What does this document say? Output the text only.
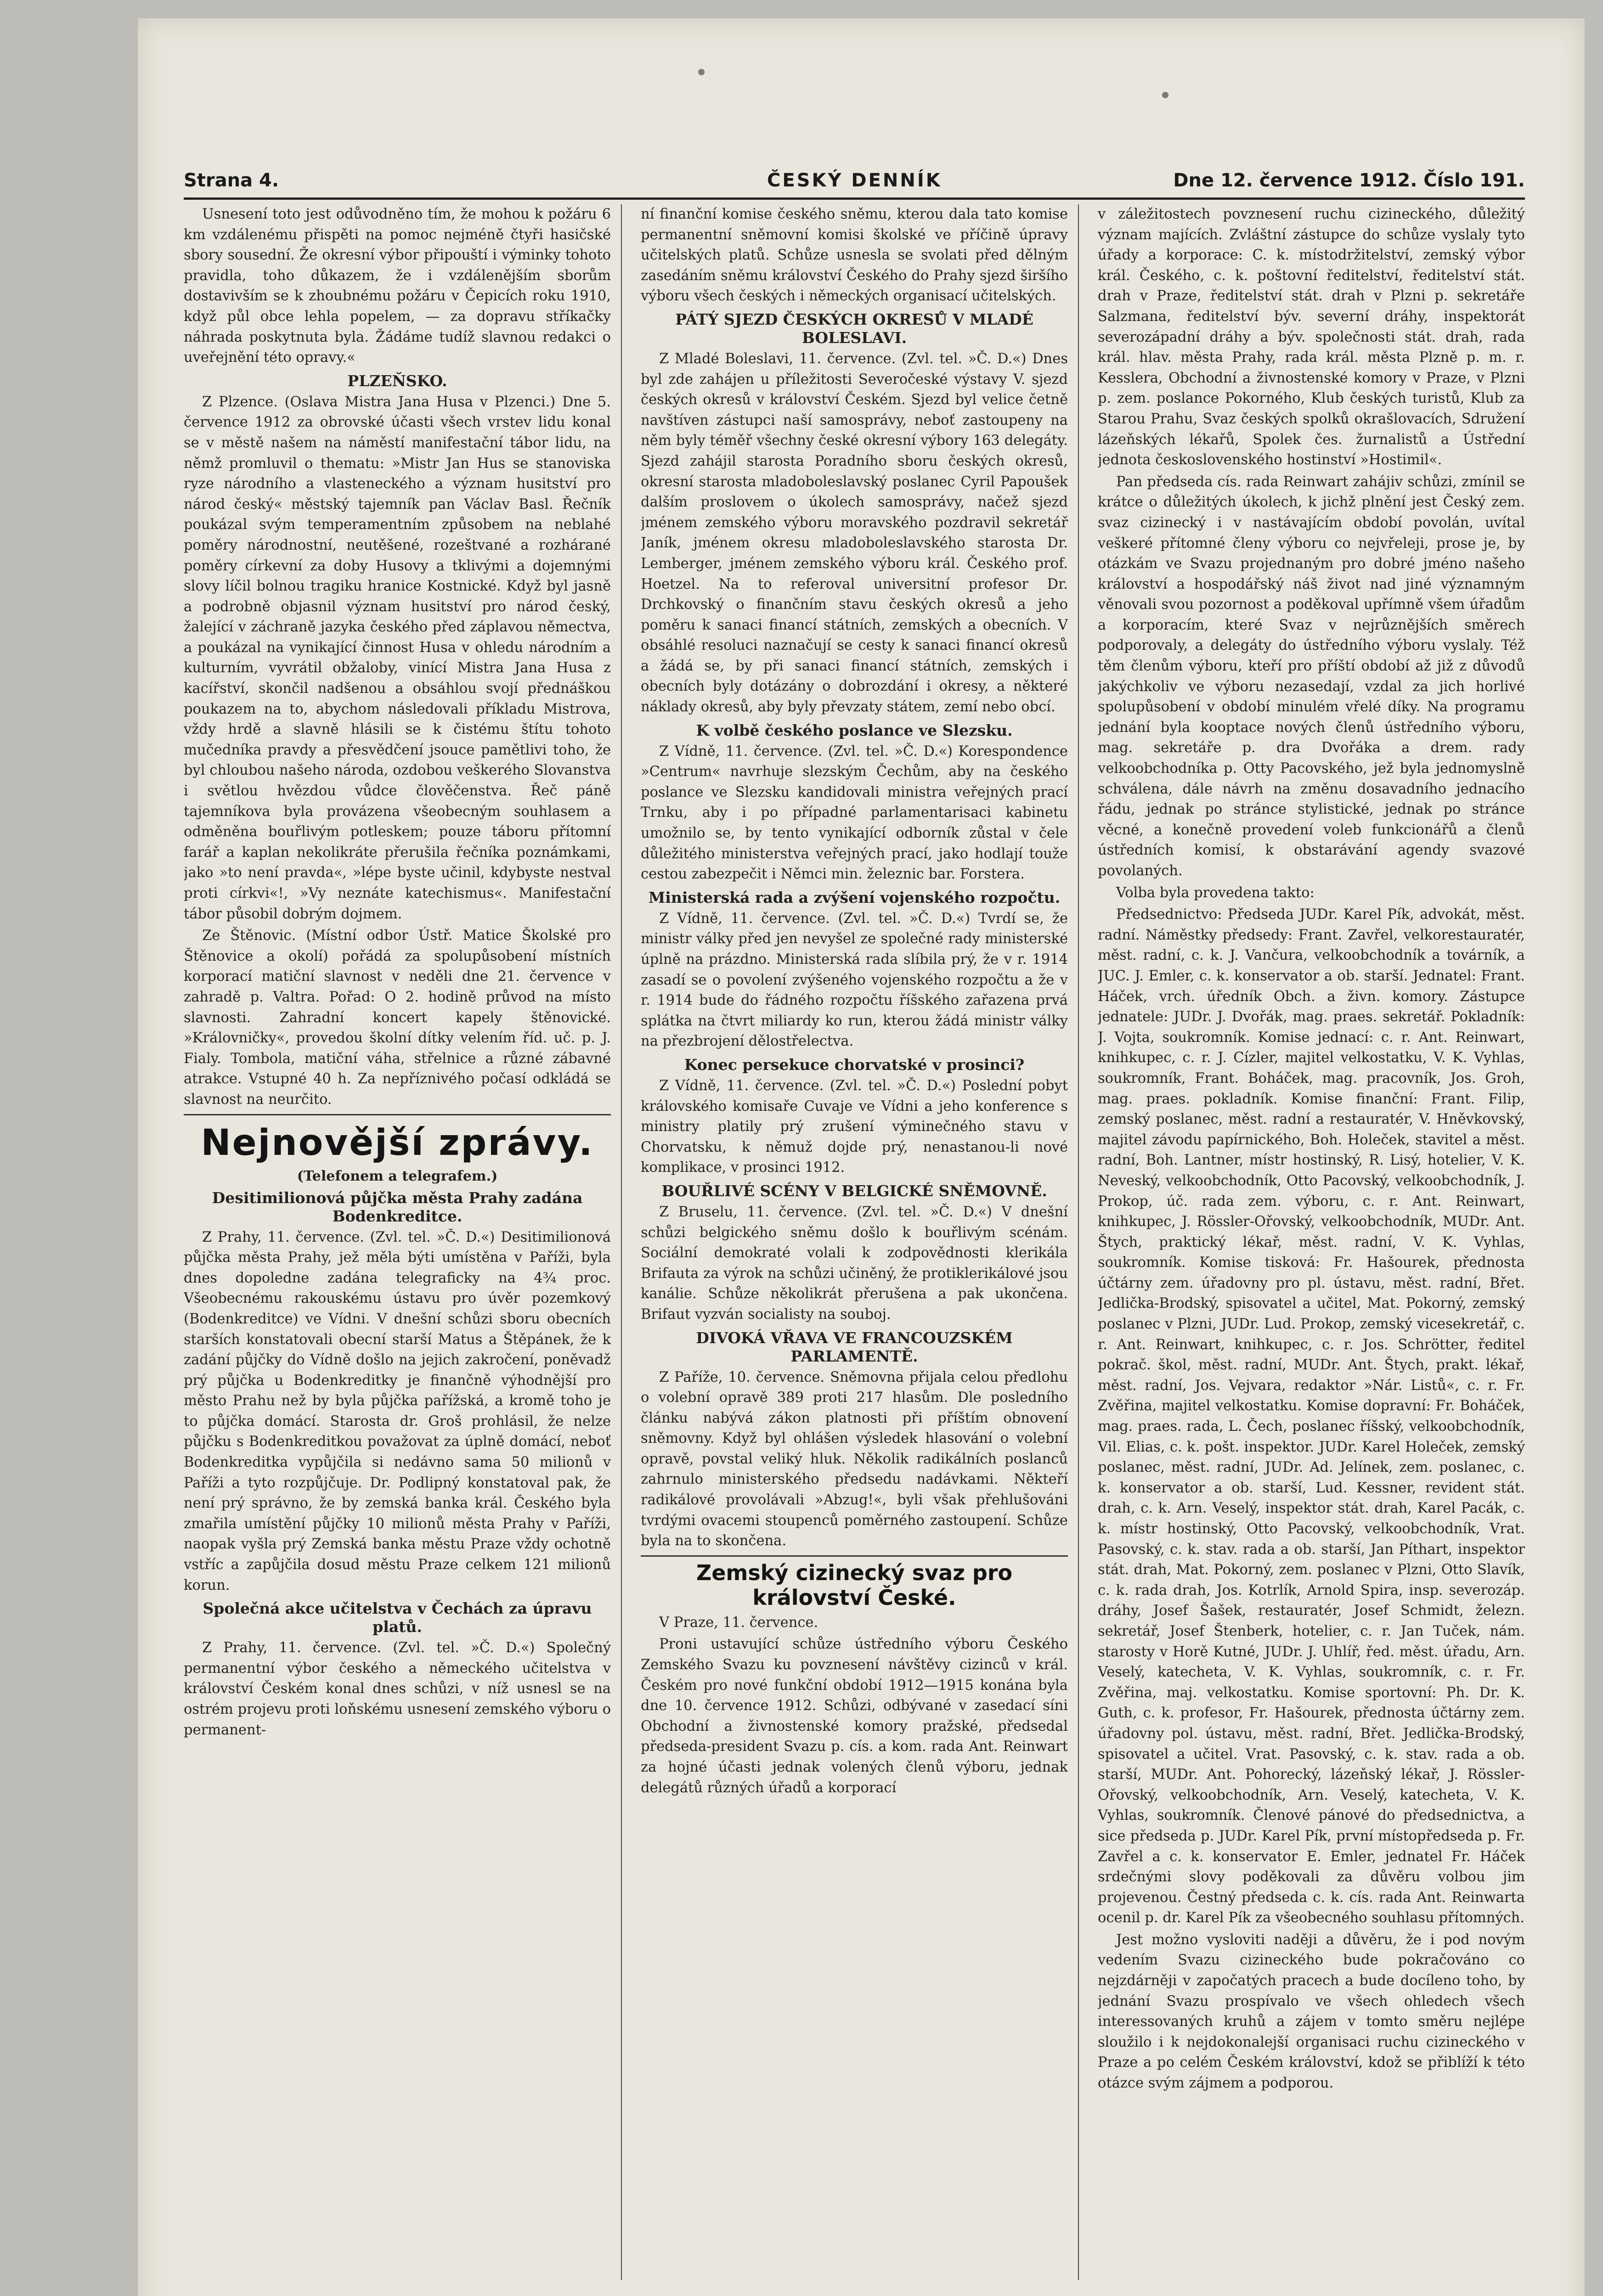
Strana 4.	ČESKÝ DENNÍK	Dne 12. července 1912. Číslo 191.

Usnesení toto jest odůvodněno tím, že mohou k požáru 6 km vzdálenému přispěti na pomoc nejméně čtyři hasičské sbory sousední. Že okresní výbor připouští i výminky tohoto pravidla, toho důkazem, že i vzdálenějším sborům dostavivším se k zhoubnému požáru v Čepicích roku 1910, když půl obce lehla popelem, — za dopravu stříkačky náhrada poskytnuta byla. Žádáme tudíž slavnou redakci o uveřejnění této opravy.«

PLZEŇSKO.

Z Plzence. (Oslava Mistra Jana Husa v Plzenci.) Dne 5. července 1912 za obrovské účasti všech vrstev lidu konal se v městě našem na náměstí manifestační tábor lidu, na němž promluvil o thematu: »Mistr Jan Hus se stanoviska ryze národního a vlasteneckého a význam husitství pro národ český« městský tajemník pan Václav Basl. Řečník poukázal svým temperamentním způsobem na neblahé poměry národnostní, neutěšené, rozeštvané a rozhárané poměry církevní za doby Husovy a tklivými a dojemnými slovy líčil bolnou tragiku hranice Kostnické. Když byl jasně a podrobně objasnil význam husitství pro národ český, žalející v záchraně jazyka českého před záplavou němectva, a poukázal na vynikající činnost Husa v ohledu národním a kulturním, vyvrátil obžaloby, vinící Mistra Jana Husa z kacířství, skončil nadšenou a obsáhlou svojí přednáškou poukazem na to, abychom následovali příkladu Mistrova, vždy hrdě a slavně hlásili se k čistému štítu tohoto mučedníka pravdy a přesvědčení jsouce pamětlivi toho, že byl chloubou našeho národa, ozdobou veškerého Slovanstva i světlou hvězdou vůdce člověčenstva. Řeč páně tajemníkova byla provázena všeobecným souhlasem a odměněna bouřlivým potleskem; pouze táboru přítomní farář a kaplan nekolikráte přerušila řečníka poznámkami, jako »to není pravda«, »lépe byste učinil, kdybyste nestval proti církvi«!, »Vy neznáte katechismus«. Manifestační tábor působil dobrým dojmem.

Ze Štěnovic. (Místní odbor Ústř. Matice Školské pro Štěnovice a okolí) pořádá za spolupůsobení místních korporací matiční slavnost v neděli dne 21. července v zahradě p. Valtra. Pořad: O 2. hodině průvod na místo slavnosti. Zahradní koncert kapely štěnovické. »Královničky«, provedou školní dítky velením říd. uč. p. J. Fialy. Tombola, matiční váha, střelnice a různé zábavné atrakce. Vstupné 40 h. Za nepříznivého počasí odkládá se slavnost na neurčito.

Nejnovější zprávy.
(Telefonem a telegrafem.)
Desitimilionová půjčka města Prahy zadána Bodenkreditce.

Z Prahy, 11. července. (Zvl. tel. »Č. D.«) Desitimilionová půjčka města Prahy, jež měla býti umístěna v Paříži, byla dnes dopoledne zadána telegraficky na 4¾ proc. Všeobecnému rakouskému ústavu pro úvěr pozemkový (Bodenkreditce) ve Vídni. V dnešní schůzi sboru obecních starších konstatovali obecní starší Matus a Štěpánek, že k zadání půjčky do Vídně došlo na jejich zakročení, poněvadž prý půjčka u Bodenkreditky je finančně výhodnější pro město Prahu než by byla půjčka pařížská, a kromě toho je to půjčka domácí. Starosta dr. Groš prohlásil, že nelze půjčku s Bodenkreditkou považovat za úplně domácí, neboť Bodenkreditka vypůjčila si nedávno sama 50 milionů v Paříži a tyto rozpůjčuje. Dr. Podlipný konstatoval pak, že není prý správno, že by zemská banka král. Českého byla zmařila umístění půjčky 10 milionů města Prahy v Paříži, naopak vyšla prý Zemská banka městu Praze vždy ochotně vstříc a zapůjčila dosud městu Praze celkem 121 milionů korun.

Společná akce učitelstva v Čechách za úpravu platů.

Z Prahy, 11. července. (Zvl. tel. »Č. D.«) Společný permanentní výbor českého a německého učitelstva v království Českém konal dnes schůzi, v níž usnesl se na ostrém projevu proti loňskému usnesení zemského výboru o permanent-

ní finanční komise českého sněmu, kterou dala tato komise permanentní sněmovní komisi školské ve příčině úpravy učitelských platů. Schůze usnesla se svolati před dělným zasedáním sněmu království Českého do Prahy sjezd širšího výboru všech českých i německých organisací učitelských.

PÁTÝ SJEZD ČESKÝCH OKRESŮ V MLADÉ BOLESLAVI.

Z Mladé Boleslavi, 11. července. (Zvl. tel. »Č. D.«) Dnes byl zde zahájen u příležitosti Severočeské výstavy V. sjezd českých okresů v království Českém. Sjezd byl velice četně navštíven zástupci naší samosprávy, neboť zastoupeny na něm byly téměř všechny české okresní výbory 163 delegáty. Sjezd zahájil starosta Poradního sboru českých okresů, okresní starosta mladoboleslavský poslanec Cyril Papoušek dalším proslovem o úkolech samosprávy, načež sjezd jménem zemského výboru moravského pozdravil sekretář Janík, jménem okresu mladoboleslavského starosta Dr. Lemberger, jménem zemského výboru král. Českého prof. Hoetzel. Na to referoval universitní profesor Dr. Drchkovský o finančním stavu českých okresů a jeho poměru k sanaci financí státních, zemských a obecních. V obsáhlé resoluci naznačují se cesty k sanaci financí okresů a žádá se, by při sanaci financí státních, zemských i obecních byly dotázány o dobrozdání i okresy, a některé náklady okresů, aby byly převzaty státem, zemí nebo obcí.

K volbě českého poslance ve Slezsku.

Z Vídně, 11. července. (Zvl. tel. »Č. D.«) Korespondence »Centrum« navrhuje slezským Čechům, aby na českého poslance ve Slezsku kandidovali ministra veřejných prací Trnku, aby i po případné parlamentarisaci kabinetu umožnilo se, by tento vynikající odborník zůstal v čele důležitého ministerstva veřejných prací, jako hodlají touže cestou zabezpečit i Němci min. železnic bar. Forstera.

Ministerská rada a zvýšení vojenského rozpočtu.

Z Vídně, 11. července. (Zvl. tel. »Č. D.«) Tvrdí se, že ministr války před jen nevyšel ze společné rady ministerské úplně na prázdno. Ministerská rada slíbila prý, že v r. 1914 zasadí se o povolení zvýšeného vojenského rozpočtu a že v r. 1914 bude do řádného rozpočtu říšského zařazena prvá splátka na čtvrt miliardy ko run, kterou žádá ministr války na přezbrojení dělostřelectva.

Konec persekuce chorvatské v prosinci?

Z Vídně, 11. července. (Zvl. tel. »Č. D.«) Poslední pobyt královského komisaře Cuvaje ve Vídni a jeho konference s ministry platily prý zrušení výminečného stavu v Chorvatsku, k němuž dojde prý, nenastanou-li nové komplikace, v prosinci 1912.

BOUŘLIVÉ SCÉNY V BELGICKÉ SNĚMOVNĚ.

Z Bruselu, 11. července. (Zvl. tel. »Č. D.«) V dnešní schůzi belgického sněmu došlo k bouřlivým scénám. Sociální demokraté volali k zodpovědnosti klerikála Brifauta za výrok na schůzi učiněný, že protiklerikálové jsou kanálie. Schůze několikrát přerušena a pak ukončena. Brifaut vyzván socialisty na souboj.

DIVOKÁ VŘAVA VE FRANCOUZSKÉM PARLAMENTĚ.

Z Paříže, 10. července. Sněmovna přijala celou předlohu o volební opravě 389 proti 217 hlasům. Dle posledního článku nabývá zákon platnosti při příštím obnovení sněmovny. Když byl ohlášen výsledek hlasování o volební opravě, povstal veliký hluk. Několik radikálních poslanců zahrnulo ministerského předsedu nadávkami. Někteří radikálové provolávali »Abzug!«, byli však přehlušováni tvrdými ovacemi stoupenců poměrného zastoupení. Schůze byla na to skončena.

Zemský cizinecký svaz pro království České.

V Praze, 11. července.

Proni ustavující schůze ústředního výboru Českého Zemského Svazu ku povznesení návštěvy cizinců v král. Českém pro nové funkční období 1912—1915 konána byla dne 10. července 1912. Schůzi, odbývané v zasedací síni Obchodní a živnostenské komory pražské, předsedal předseda-president Svazu p. cís. a kom. rada Ant. Reinwart za hojné účasti jednak volených členů výboru, jednak delegátů různých úřadů a korporací

v záležitostech povznesení ruchu cizineckého, důležitý význam majících. Zvláštní zástupce do schůze vyslaly tyto úřady a korporace: C. k. místodržitelství, zemský výbor král. Českého, c. k. poštovní ředitelství, ředitelství stát. drah v Praze, ředitelství stát. drah v Plzni p. sekretáře Salzmana, ředitelství býv. severní dráhy, inspektorát severozápadní dráhy a býv. společnosti stát. drah, rada král. hlav. města Prahy, rada král. města Plzně p. m. r. Kesslera, Obchodní a živnostenské komory v Praze, v Plzni p. zem. poslance Pokorného, Klub českých turistů, Klub za Starou Prahu, Svaz českých spolků okrašlovacích, Sdružení lázeňských lékařů, Spolek čes. žurnalistů a Ústřední jednota československého hostinství »Hostimil«.

Pan předseda cís. rada Reinwart zahájiv schůzi, zmínil se krátce o důležitých úkolech, k jichž plnění jest Český zem. svaz cizinecký i v nastávajícím období povolán, uvítal veškeré přítomné členy výboru co nejvřeleji, prose je, by otázkám ve Svazu projednaným pro dobré jméno našeho království a hospodářský náš život nad jiné významným věnovali svou pozornost a poděkoval upřímně všem úřadům a korporacím, které Svaz v nejrůznějších směrech podporovaly, a delegáty do ústředního výboru vyslaly. Též těm členům výboru, kteří pro příští období až již z důvodů jakýchkoliv ve výboru nezasedají, vzdal za jich horlivé spolupůsobení v období minulém vřelé díky. Na programu jednání byla kooptace nových členů ústředního výboru, mag. sekretáře p. dra Dvořáka a drem. rady velkoobchodníka p. Otty Pacovského, jež byla jednomyslně schválena, dále návrh na změnu dosavadního jednacího řádu, jednak po stránce stylistické, jednak po stránce věcné, a konečně provedení voleb funkcionářů a členů ústředních komisí, k obstarávání agendy svazové povolaných.

Volba byla provedena takto:

Předsednictvo: Předseda JUDr. Karel Pík, advokát, měst. radní. Náměstky předsedy: Frant. Zavřel, velkorestauratér, měst. radní, c. k. J. Vančura, velkoobchodník a továrník, a JUC. J. Emler, c. k. konservator a ob. starší. Jednatel: Frant. Háček, vrch. úředník Obch. a živn. komory. Zástupce jednatele: JUDr. J. Dvořák, mag. praes. sekretář. Pokladník: J. Vojta, soukromník. Komise jednací: c. r. Ant. Reinwart, knihkupec, c. r. J. Cízler, majitel velkostatku, V. K. Vyhlas, soukromník, Frant. Boháček, mag. pracovník, Jos. Groh, mag. praes. pokladník. Komise finanční: Frant. Filip, zemský poslanec, měst. radní a restauratér, V. Hněvkovský, majitel závodu papírnického, Boh. Holeček, stavitel a měst. radní, Boh. Lantner, místr hostinský, R. Lisý, hotelier, V. K. Neveský, velkoobchodník, Otto Pacovský, velkoobchodník, J. Prokop, úč. rada zem. výboru, c. r. Ant. Reinwart, knihkupec, J. Rössler-Ořovský, velkoobchodník, MUDr. Ant. Štych, praktický lékař, měst. radní, V. K. Vyhlas, soukromník. Komise tisková: Fr. Hašourek, přednosta účtárny zem. úřadovny pro pl. ústavu, měst. radní, Břet. Jedlička-Brodský, spisovatel a učitel, Mat. Pokorný, zemský poslanec v Plzni, JUDr. Lud. Prokop, zemský vicesekretář, c. r. Ant. Reinwart, knihkupec, c. r. Jos. Schrötter, ředitel pokrač. škol, měst. radní, MUDr. Ant. Štych, prakt. lékař, měst. radní, Jos. Vejvara, redaktor »Nár. Listů«, c. r. Fr. Zvěřina, majitel velkostatku. Komise dopravní: Fr. Boháček, mag. praes. rada, L. Čech, poslanec říšský, velkoobchodník, Vil. Elias, c. k. pošt. inspektor. JUDr. Karel Holeček, zemský poslanec, měst. radní, JUDr. Ad. Jelínek, zem. poslanec, c. k. konservator a ob. starší, Lud. Kessner, revident stát. drah, c. k. Arn. Veselý, inspektor stát. drah, Karel Pacák, c. k. místr hostinský, Otto Pacovský, velkoobchodník, Vrat. Pasovský, c. k. stav. rada a ob. starší, Jan Píthart, inspektor stát. drah, Mat. Pokorný, zem. poslanec v Plzni, Otto Slavík, c. k. rada drah, Jos. Kotrlík, Arnold Spira, insp. severozáp. dráhy, Josef Šašek, restauratér, Josef Schmidt, železn. sekretář, Josef Štenberk, hotelier, c. r. Jan Tuček, nám. starosty v Horě Kutné, JUDr. J. Uhlíř, řed. měst. úřadu, Arn. Veselý, katecheta, V. K. Vyhlas, soukromník, c. r. Fr. Zvěřina, maj. velkostatku. Komise sportovní: Ph. Dr. K. Guth, c. k. profesor, Fr. Hašourek, přednosta účtárny zem. úřadovny pol. ústavu, měst. radní, Břet. Jedlička-Brodský, spisovatel a učitel. Vrat. Pasovský, c. k. stav. rada a ob. starší, MUDr. Ant. Pohorecký, lázeňský lékař, J. Rössler-Ořovský, velkoobchodník, Arn. Veselý, katecheta, V. K. Vyhlas, soukromník. Členové pánové do předsednictva, a sice předseda p. JUDr. Karel Pík, první místopředseda p. Fr. Zavřel a c. k. konservator E. Emler, jednatel Fr. Háček srdečnými slovy poděkovali za důvěru volbou jim projevenou. Čestný předseda c. k. cís. rada Ant. Reinwarta ocenil p. dr. Karel Pík za všeobecného souhlasu přítomných.

Jest možno vysloviti naději a důvěru, že i pod novým vedením Svazu cizineckého bude pokračováno co nejzdárněji v započatých pracech a bude docíleno toho, by jednání Svazu prospívalo ve všech ohledech všech interessovaných kruhů a zájem v tomto směru nejlépe sloužilo i k nejdokonalejší organisaci ruchu cizineckého v Praze a po celém Českém království, kdož se přiblíží k této otázce svým zájmem a podporou.
